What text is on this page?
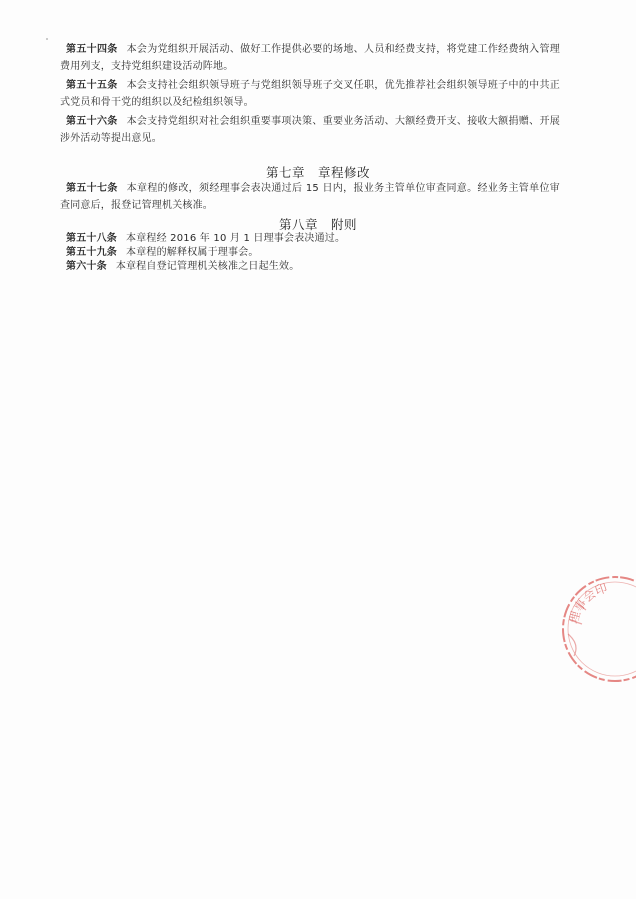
第五十四条 本会为党组织开展活动、做好工作提供必要的场地、人员和经费支持，将党建工作经费纳入管理费用列支，支持党组织建设活动阵地。
第五十五条 本会支持社会组织领导班子与党组织领导班子交叉任职，优先推荐社会组织领导班子中的中共正式党员和骨干党的组织以及纪检组织领导。
第五十六条 本会支持党组织对社会组织重要事项决策、重要业务活动、大额经费开支、接收大额捐赠、开展涉外活动等提出意见。
第七章　章程修改
第五十七条 本章程的修改，须经理事会表决通过后 15 日内，报业务主管单位审查同意。经业务主管单位审查同意后，报登记管理机关核准。
第八章　附则
第五十八条 本章程经 2016 年 10 月 1 日理事会表决通过。
第五十九条 本章程的解释权属于理事会。
第六十条 本章程自登记管理机关核准之日起生效。
理事会印
